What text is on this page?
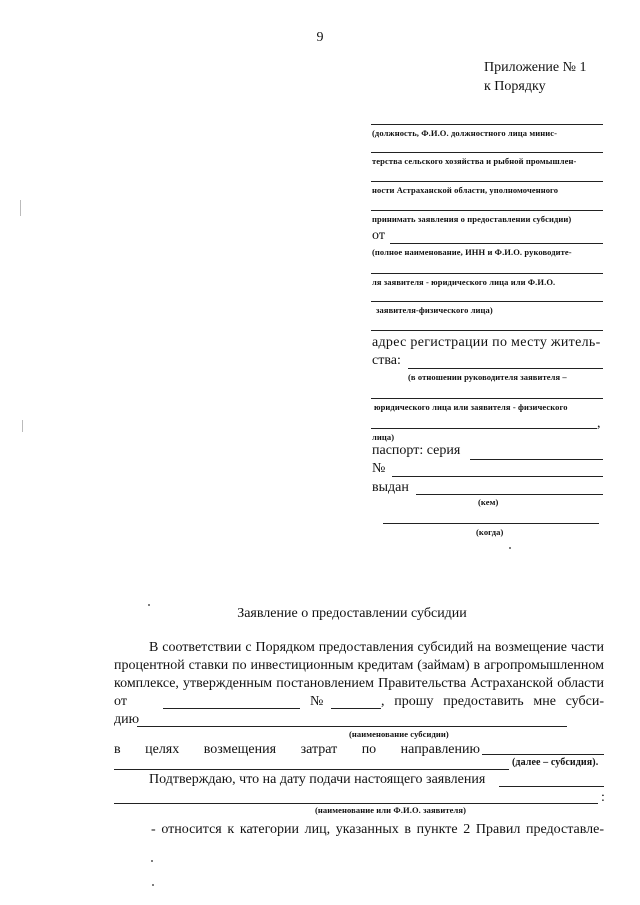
9
Приложение № 1
к Порядку
(должность, Ф.И.О. должностного лица минис-
терства сельского хозяйства и рыбной промышлен-
ности Астраханской области, уполномоченного
принимать заявления о предоставлении субсидии)
от
(полное наименование, ИНН и Ф.И.О. руководите-
ля заявителя - юридического лица или Ф.И.О.
заявителя-физического лица)
адрес регистрации по месту житель-
ства:
(в отношении руководителя заявителя –
юридического лица или заявителя - физического
,
лица)
паспорт: серия
№
выдан
(кем)
(когда)
Заявление о предоставлении субсидии
В соответствии с Порядком предоставления субсидий на возмещение части
процентной ставки по инвестиционным кредитам (займам) в агропромышленном
комплексе, утвержденным постановлением Правительства Астраханской области
от	№	, прошу предоставить мне субси-
дию
(наименование субсидии)
в целях возмещения затрат по направлению
(далее – субсидия).
Подтверждаю, что на дату подачи настоящего заявления
:
(наименование или Ф.И.О. заявителя)
- относится к категории лиц, указанных в пункте 2 Правил предоставле-
